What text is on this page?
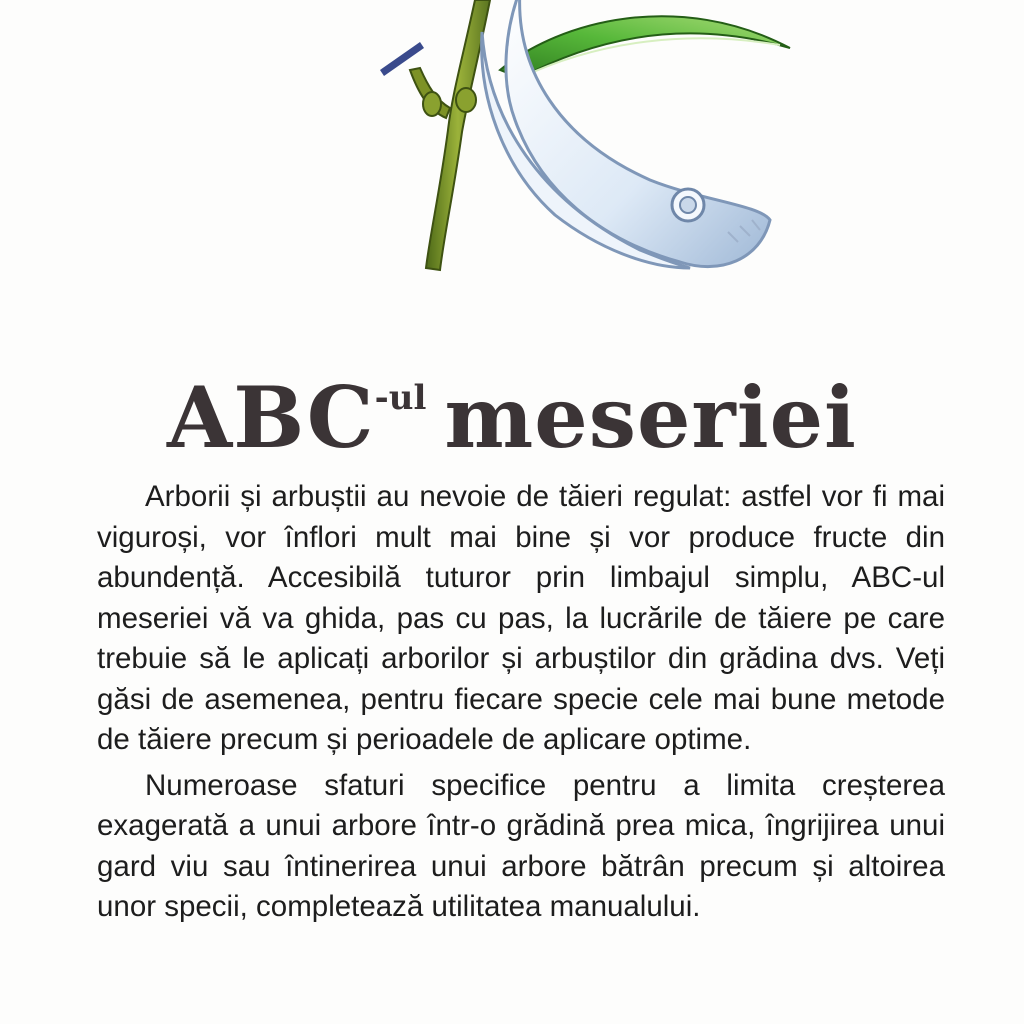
$ABC^{-ul}$ meseriei

Arborii și arbuștii au nevoie de tăieri regulat: astfel vor fi mai viguroși, vor înflori mult mai bine și vor produce fructe din abundență. Accesibilă tuturor prin limbajul simplu, ABC-ul meseriei vă va ghida, pas cu pas, la lucrările de tăiere pe care trebuie să le aplicați arborilor și arbuștilor din grădina dvs. Veți găsi de asemenea, pentru fiecare specie cele mai bune metode de tăiere precum și perioadele de aplicare optime.

Numeroase sfaturi specifice pentru a limita creșterea exagerată a unui arbore într-o grădină prea mica, îngrijirea unui gard viu sau întinerirea unui arbore bătrân precum și altoirea unor specii, completează utilitatea manualului.
